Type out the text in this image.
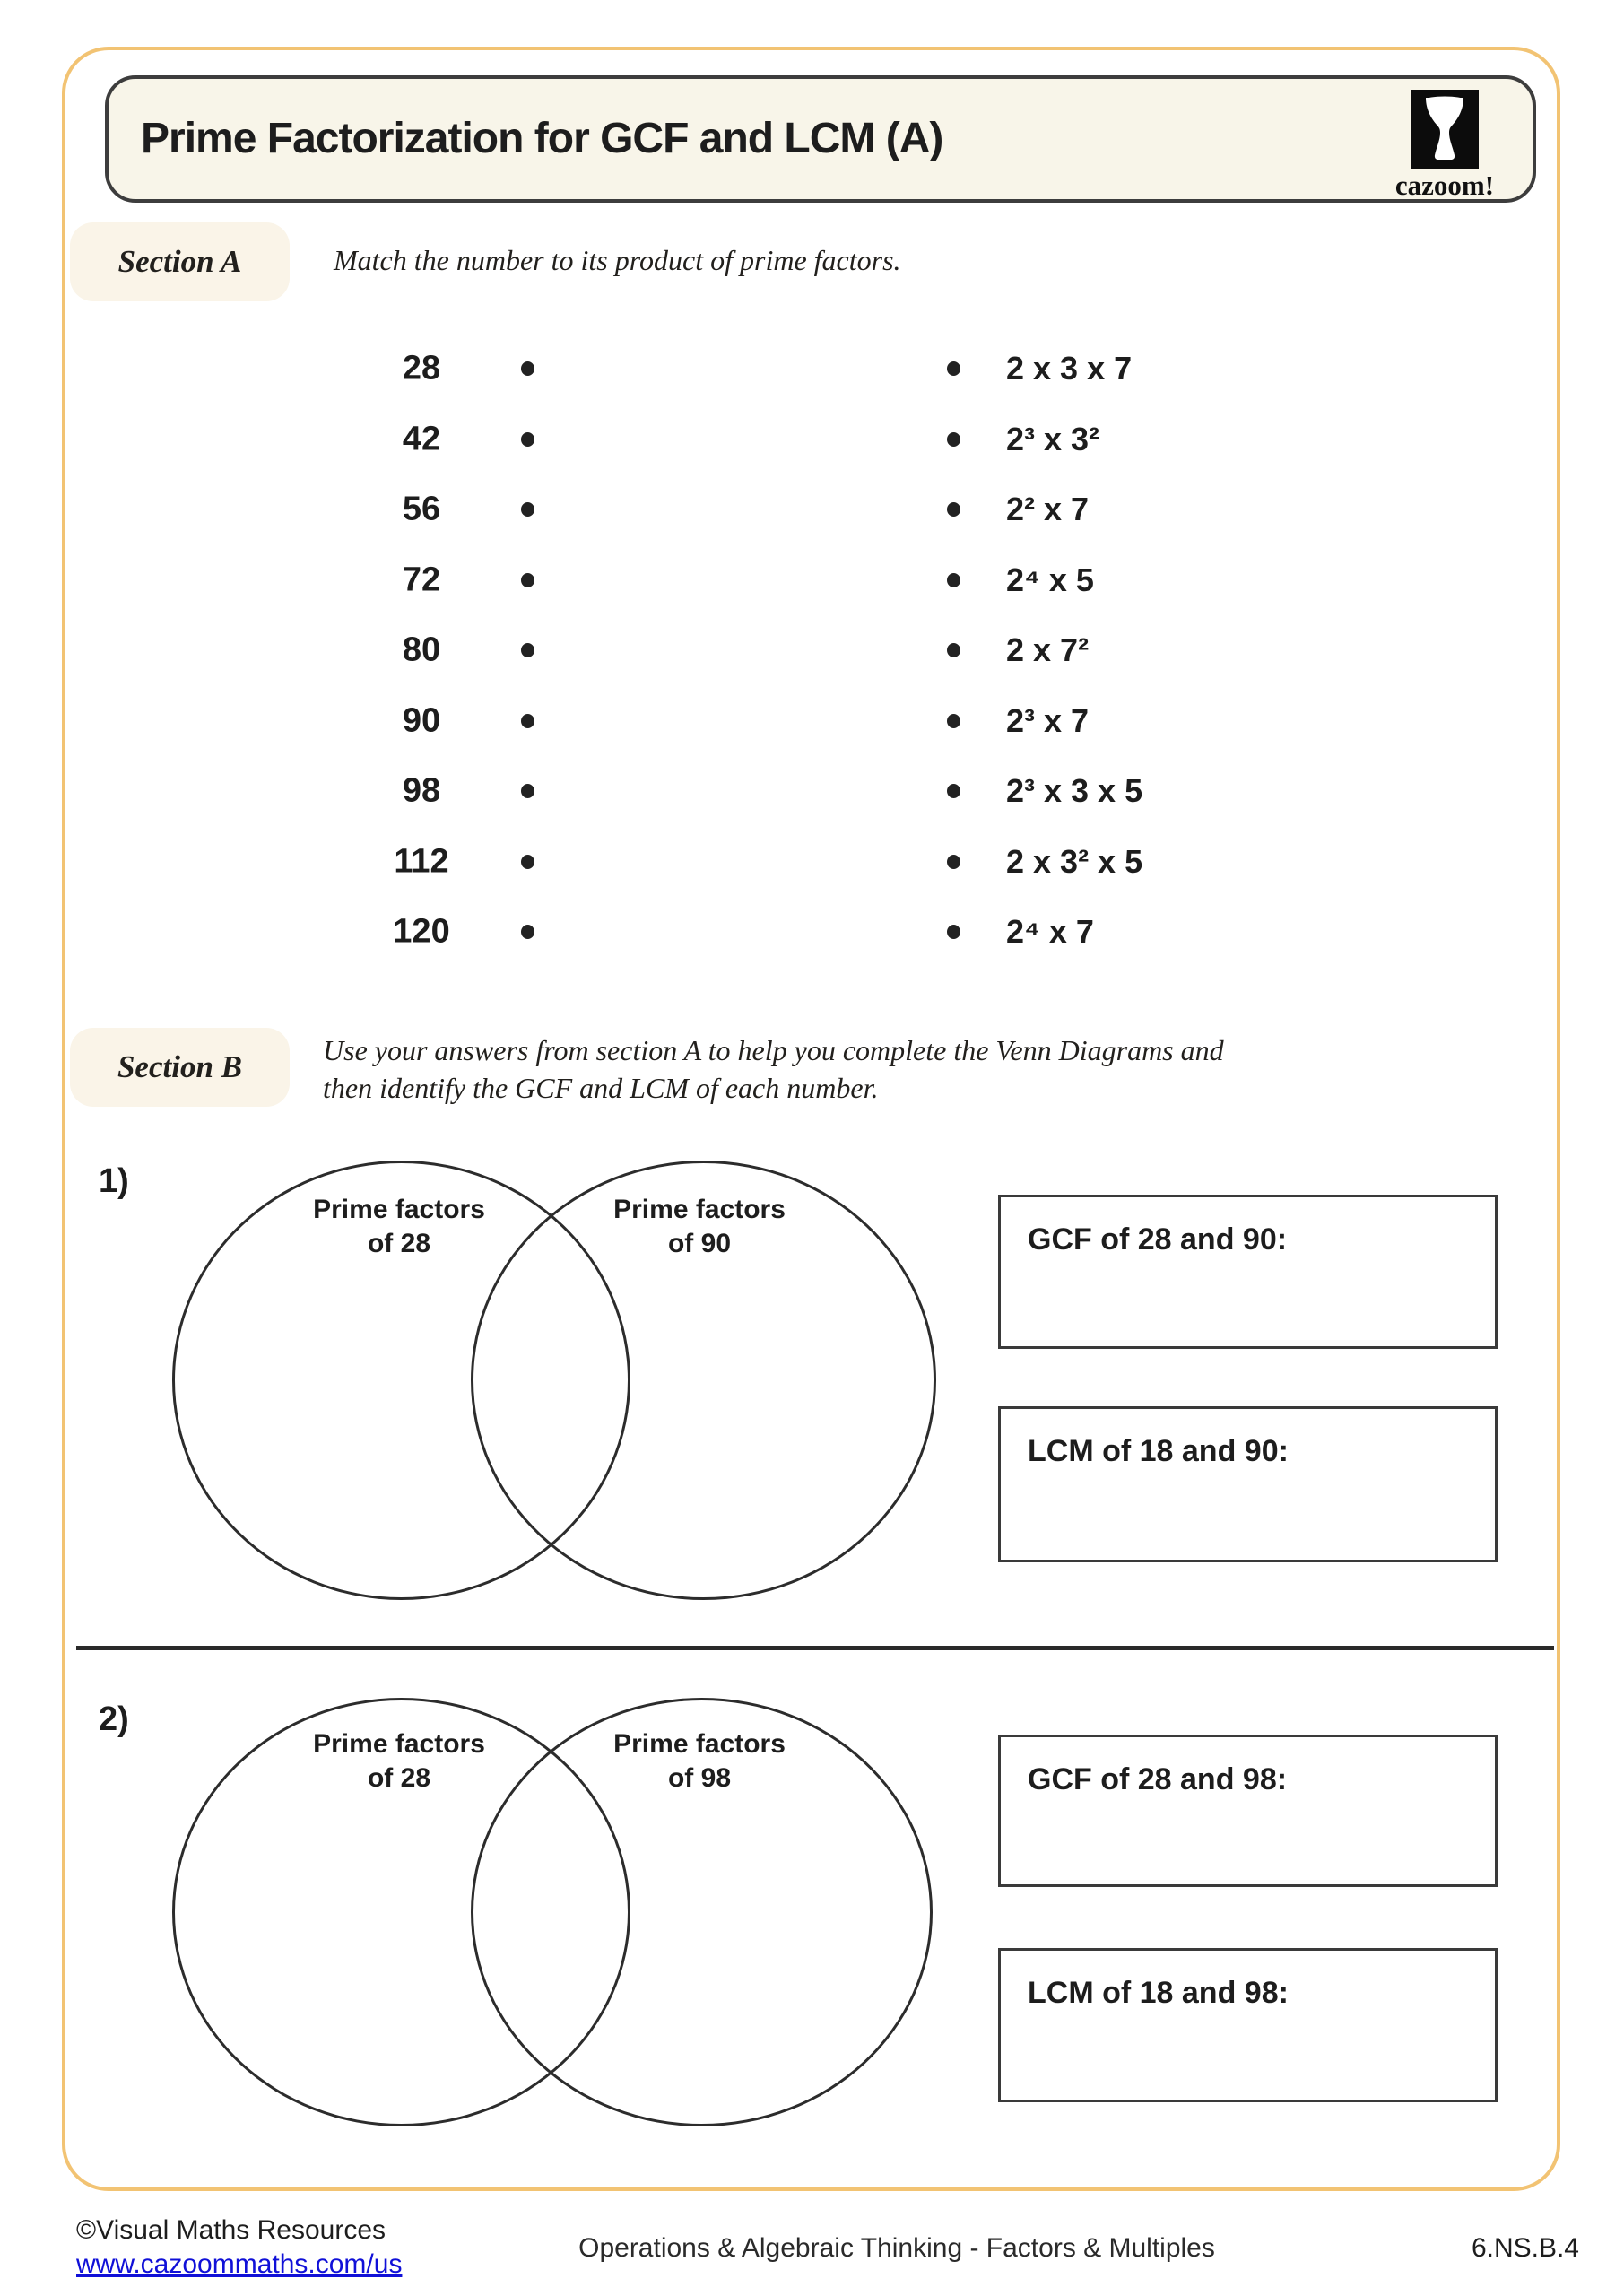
Prime Factorization for GCF and LCM (A)
cazoom!
Section A	Match the number to its product of prime factors.
28	2 x 3 x 7
42	2³ x 3²
56	2² x 7
72	2⁴ x 5
80	2 x 7²
90	2³ x 7
98	2³ x 3 x 5
112	2 x 3² x 5
120	2⁴ x 7
Section B	Use your answers from section A to help you complete the Venn Diagrams and
then identify the GCF and LCM of each number.
1)
Prime factors
of 28
Prime factors
of 90	GCF of 28 and 90:
LCM of 18 and 90:
2)
Prime factors
of 28
Prime factors
of 98	GCF of 28 and 98:
LCM of 18 and 98:
©Visual Maths Resources
www.cazoommaths.com/us
Operations & Algebraic Thinking - Factors & Multiples	6.NS.B.4
